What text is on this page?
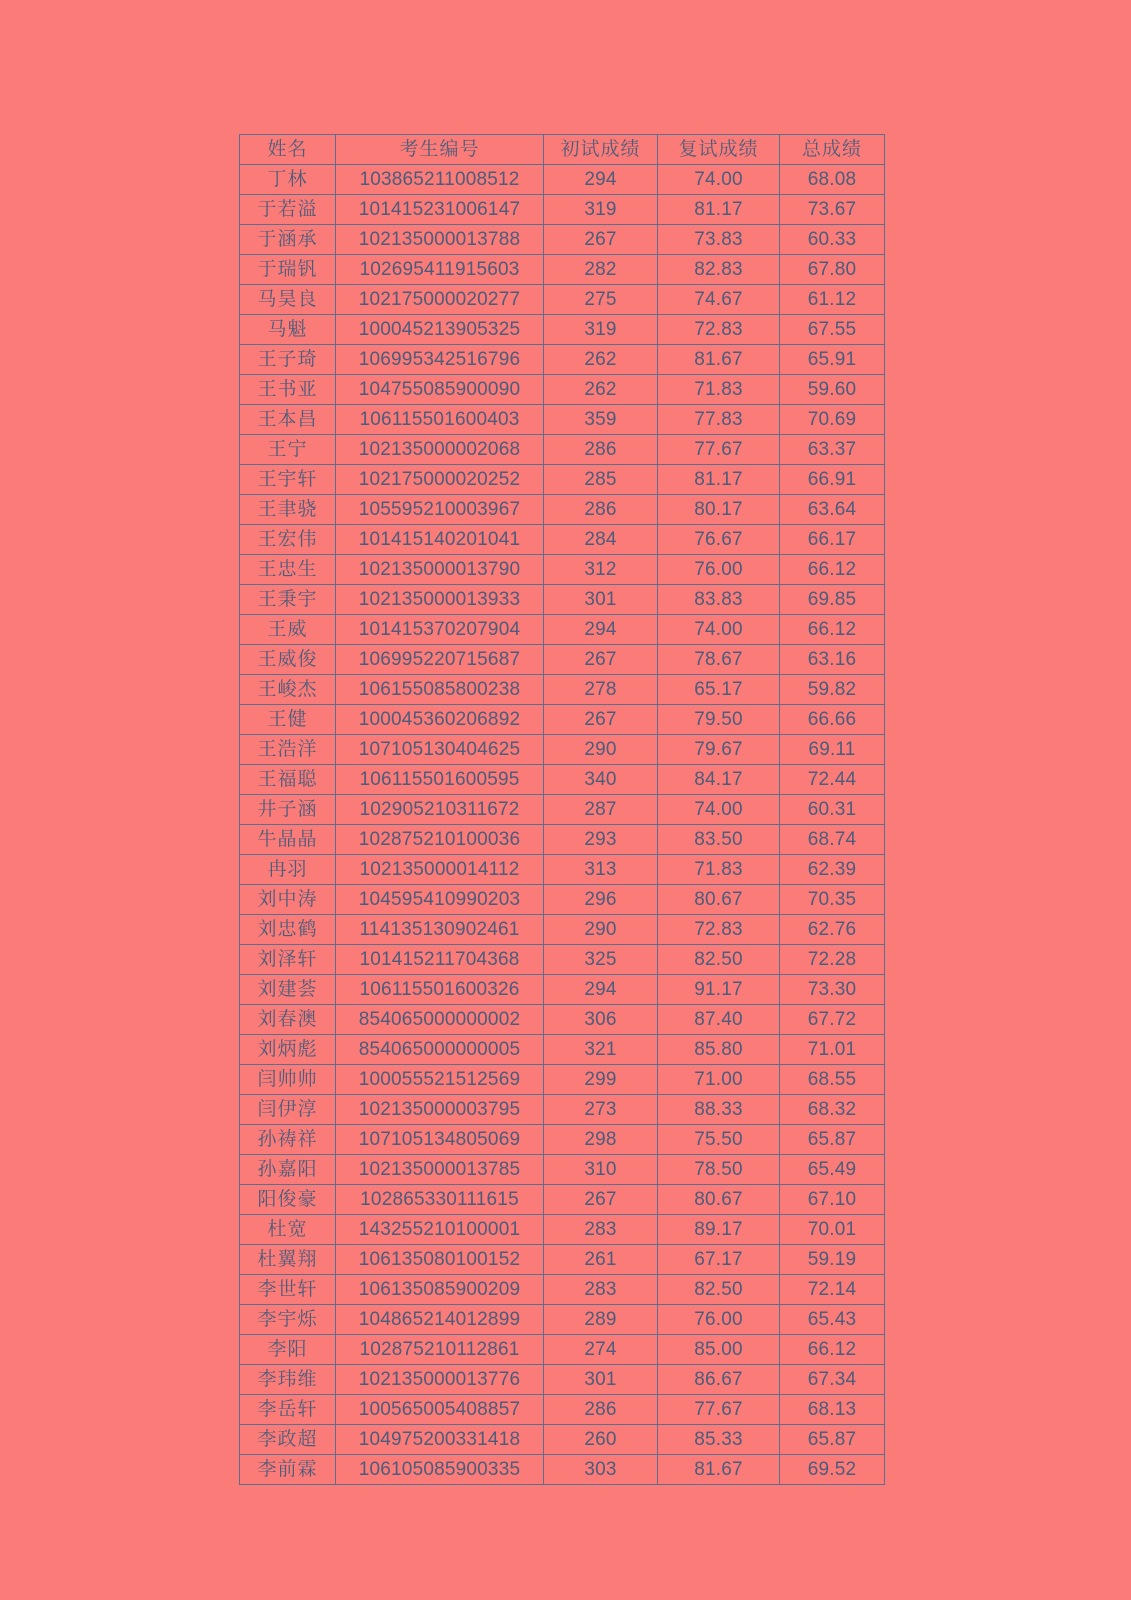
姓名	考生编号	初试成绩	复试成绩	总成绩
丁林	103865211008512	294	74.00	68.08
于若溢	101415231006147	319	81.17	73.67
于涵承	102135000013788	267	73.83	60.33
于瑞钒	102695411915603	282	82.83	67.80
马昊良	102175000020277	275	74.67	61.12
马魁	100045213905325	319	72.83	67.55
王子琦	106995342516796	262	81.67	65.91
王书亚	104755085900090	262	71.83	59.60
王本昌	106115501600403	359	77.83	70.69
王宁	102135000002068	286	77.67	63.37
王宇轩	102175000020252	285	81.17	66.91
王聿骁	105595210003967	286	80.17	63.64
王宏伟	101415140201041	284	76.67	66.17
王忠生	102135000013790	312	76.00	66.12
王秉宇	102135000013933	301	83.83	69.85
王威	101415370207904	294	74.00	66.12
王威俊	106995220715687	267	78.67	63.16
王峻杰	106155085800238	278	65.17	59.82
王健	100045360206892	267	79.50	66.66
王浩洋	107105130404625	290	79.67	69.11
王福聪	106115501600595	340	84.17	72.44
井子涵	102905210311672	287	74.00	60.31
牛晶晶	102875210100036	293	83.50	68.74
冉羽	102135000014112	313	71.83	62.39
刘中涛	104595410990203	296	80.67	70.35
刘忠鹤	114135130902461	290	72.83	62.76
刘泽轩	101415211704368	325	82.50	72.28
刘建荟	106115501600326	294	91.17	73.30
刘春澳	854065000000002	306	87.40	67.72
刘炳彪	854065000000005	321	85.80	71.01
闫帅帅	100055521512569	299	71.00	68.55
闫伊淳	102135000003795	273	88.33	68.32
孙祷祥	107105134805069	298	75.50	65.87
孙嘉阳	102135000013785	310	78.50	65.49
阳俊豪	102865330111615	267	80.67	67.10
杜宽	143255210100001	283	89.17	70.01
杜翼翔	106135080100152	261	67.17	59.19
李世轩	106135085900209	283	82.50	72.14
李宇烁	104865214012899	289	76.00	65.43
李阳	102875210112861	274	85.00	66.12
李玮维	102135000013776	301	86.67	67.34
李岳轩	100565005408857	286	77.67	68.13
李政超	104975200331418	260	85.33	65.87
李前霖	106105085900335	303	81.67	69.52
